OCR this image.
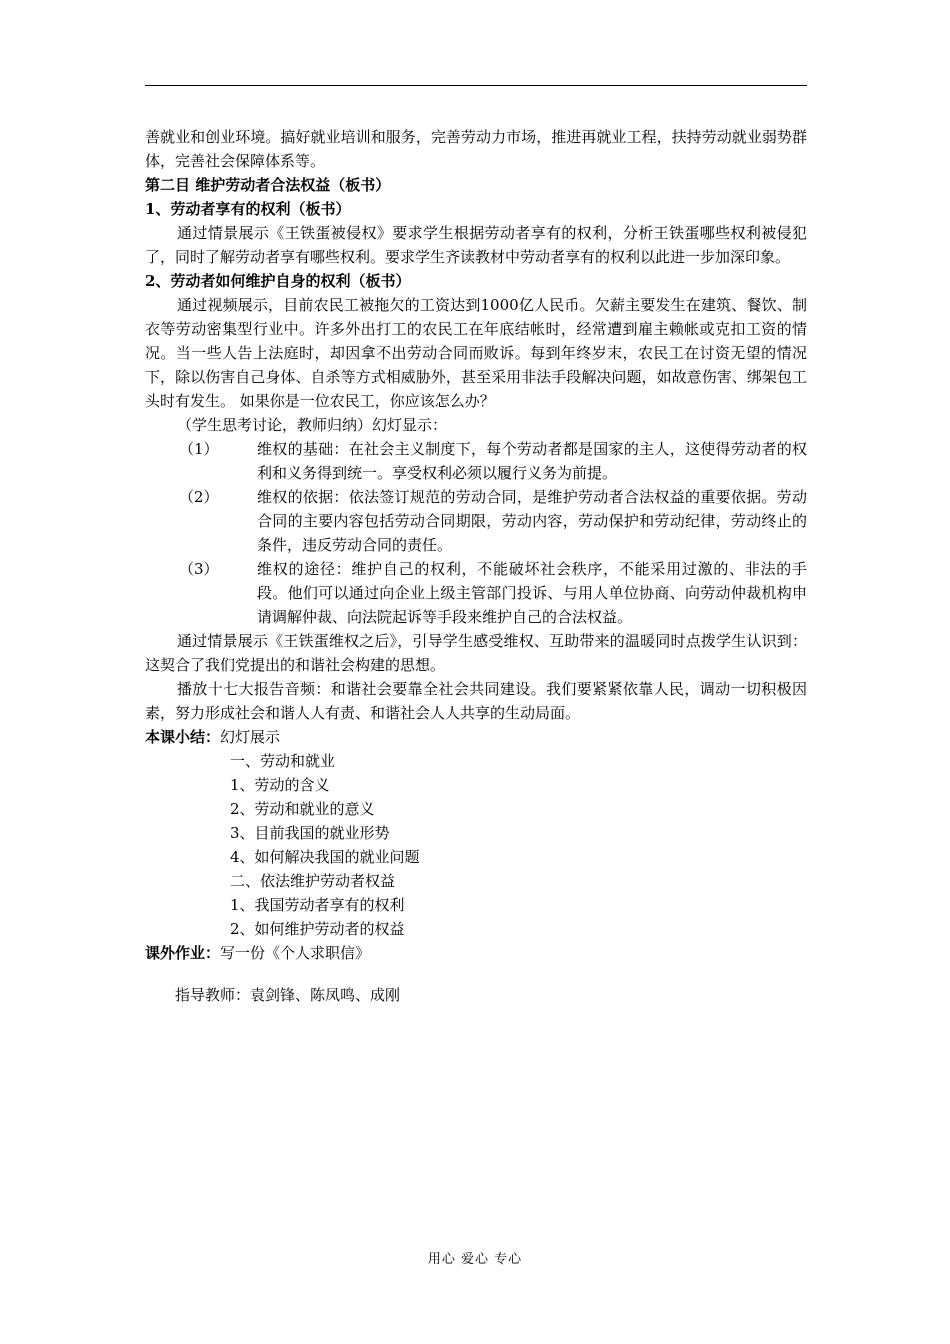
善就业和创业环境。搞好就业培训和服务，完善劳动力市场，推进再就业工程，扶持劳动就业弱势群体，完善社会保障体系等。

第二目 维护劳动者合法权益（板书）

1、劳动者享有的权利（板书）

通过情景展示《王铁蛋被侵权》要求学生根据劳动者享有的权利，分析王铁蛋哪些权利被侵犯了，同时了解劳动者享有哪些权利。要求学生齐读教材中劳动者享有的权利以此进一步加深印象。

2、劳动者如何维护自身的权利（板书）

通过视频展示，目前农民工被拖欠的工资达到1000亿人民币。欠薪主要发生在建筑、餐饮、制衣等劳动密集型行业中。许多外出打工的农民工在年底结帐时，经常遭到雇主赖帐或克扣工资的情况。当一些人告上法庭时，却因拿不出劳动合同而败诉。每到年终岁末，农民工在讨资无望的情况下，除以伤害自己身体、自杀等方式相威胁外，甚至采用非法手段解决问题，如故意伤害、绑架包工头时有发生。 如果你是一位农民工，你应该怎么办？

（学生思考讨论，教师归纳）幻灯显示：

（1）	维权的基础：在社会主义制度下，每个劳动者都是国家的主人，这使得劳动者的权利和义务得到统一。享受权利必须以履行义务为前提。
（2）	维权的依据：依法签订规范的劳动合同，是维护劳动者合法权益的重要依据。劳动合同的主要内容包括劳动合同期限，劳动内容，劳动保护和劳动纪律，劳动终止的条件，违反劳动合同的责任。
（3）	维权的途径：维护自己的权利，不能破坏社会秩序，不能采用过激的、非法的手段。他们可以通过向企业上级主管部门投诉、与用人单位协商、向劳动仲裁机构申请调解仲裁、向法院起诉等手段来维护自己的合法权益。

通过情景展示《王铁蛋维权之后》，引导学生感受维权、互助带来的温暖同时点拨学生认识到：这契合了我们党提出的和谐社会构建的思想。

播放十七大报告音频：和谐社会要靠全社会共同建设。我们要紧紧依靠人民，调动一切积极因素，努力形成社会和谐人人有责、和谐社会人人共享的生动局面。

本课小结：幻灯展示

一、劳动和就业

1、劳动的含义

2、劳动和就业的意义

3、目前我国的就业形势

4、如何解决我国的就业问题

二、依法维护劳动者权益

1、我国劳动者享有的权利

2、如何维护劳动者的权益

课外作业：写一份《个人求职信》

指导教师：袁剑锋、陈凤鸣、成刚

用心 爱心 专心
